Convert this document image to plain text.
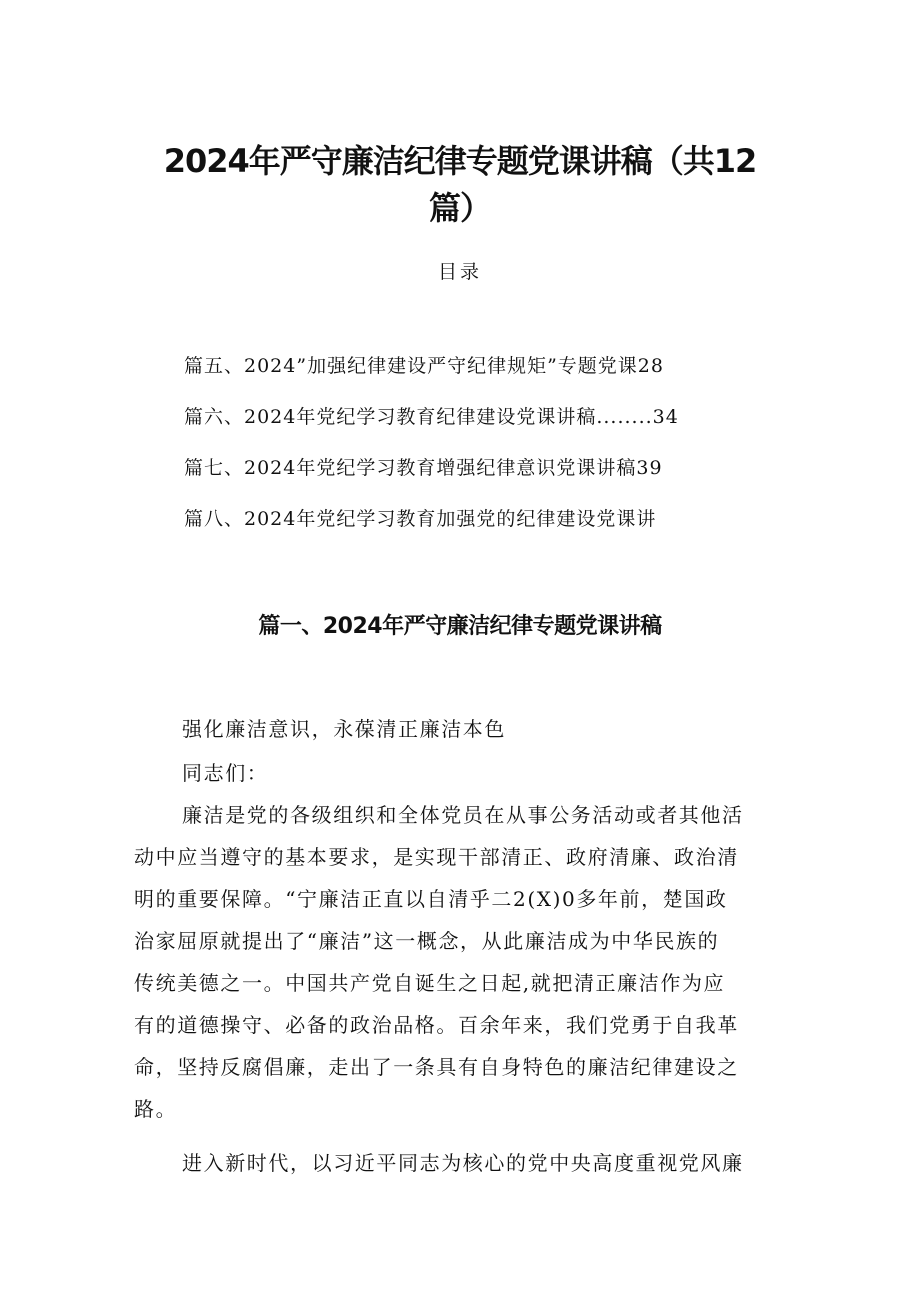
2024年严守廉洁纪律专题党课讲稿（共12
篇）
目录
篇五、2024”加强纪律建设严守纪律规矩”专题党课28
篇六、2024年党纪学习教育纪律建设党课讲稿........34
篇七、2024年党纪学习教育增强纪律意识党课讲稿39
篇八、2024年党纪学习教育加强党的纪律建设党课讲
篇一、2024年严守廉洁纪律专题党课讲稿
强化廉洁意识，永葆清正廉洁本色
同志们：
廉洁是党的各级组织和全体党员在从事公务活动或者其他活
动中应当遵守的基本要求，是实现干部清正、政府清廉、政治清
明的重要保障。“宁廉洁正直以自清乎二2(X)0多年前，楚国政
治家屈原就提出了“廉洁”这一概念，从此廉洁成为中华民族的
传统美德之一。中国共产党自诞生之日起,就把清正廉洁作为应
有的道德操守、必备的政治品格。百余年来，我们党勇于自我革
命，坚持反腐倡廉，走出了一条具有自身特色的廉洁纪律建设之
路。
进入新时代，以习近平同志为核心的党中央高度重视党风廉
